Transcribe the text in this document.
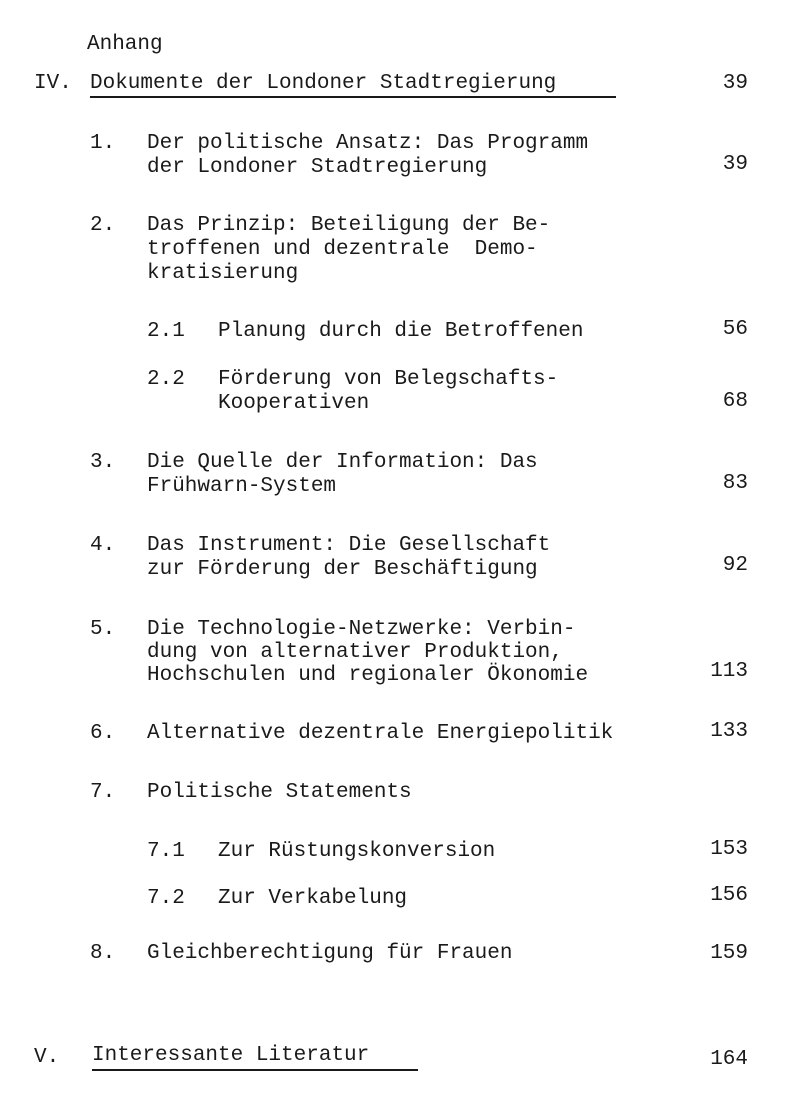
Anhang
IV. Dokumente der Londoner Stadtregierung	39
1. Der politische Ansatz: Das Programm
der Londoner Stadtregierung	39
2. Das Prinzip: Beteiligung der Be-
troffenen und dezentrale  Demo-
kratisierung
2.1 Planung durch die Betroffenen	56
2.2 Förderung von Belegschafts-
Kooperativen	68
3. Die Quelle der Information: Das
Frühwarn-System	83
4. Das Instrument: Die Gesellschaft
zur Förderung der Beschäftigung	92
5. Die Technologie-Netzwerke: Verbin-
dung von alternativer Produktion,
Hochschulen und regionaler Ökonomie	113
6. Alternative dezentrale Energiepolitik	133
7. Politische Statements
7.1 Zur Rüstungskonversion	153
7.2 Zur Verkabelung	156
8. Gleichberechtigung für Frauen	159
V. Interessante Literatur	164
